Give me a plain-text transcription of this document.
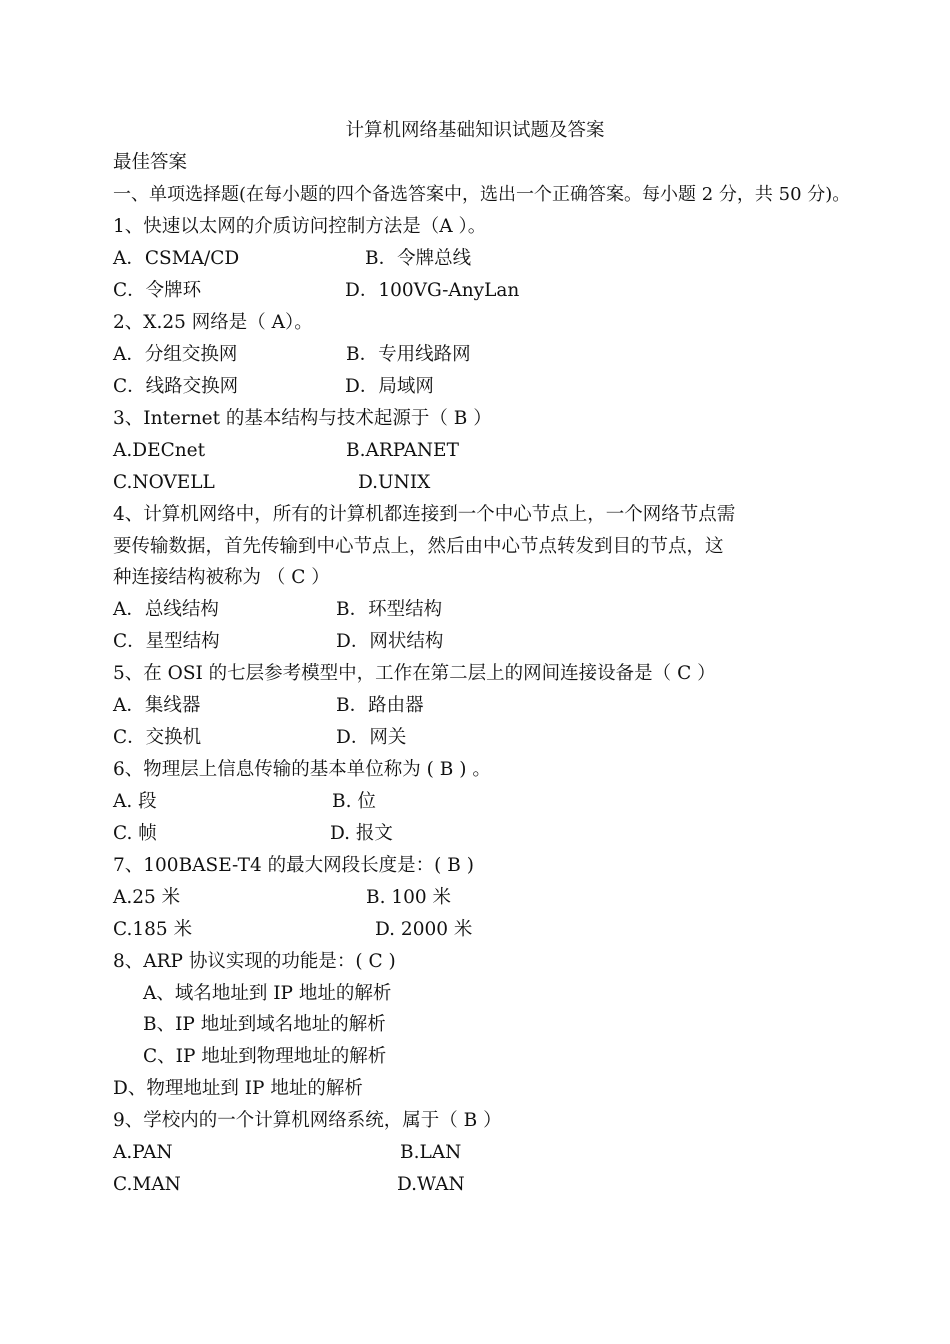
计算机网络基础知识试题及答案
最佳答案
一、单项选择题(在每小题的四个备选答案中，选出一个正确答案。每小题 2 分，共 50 分)。
1、快速以太网的介质访问控制方法是（A ）。
A．CSMA/CD	B．令牌总线
C．令牌环	D．100VG-AnyLan
2、X.25 网络是（ A）。
A．分组交换网	B．专用线路网
C．线路交换网	D．局域网
3、Internet 的基本结构与技术起源于（ B ）
A.DECnet	B.ARPANET
C.NOVELL	D.UNIX
4、计算机网络中，所有的计算机都连接到一个中心节点上，一个网络节点需
要传输数据，首先传输到中心节点上，然后由中心节点转发到目的节点，这
种连接结构被称为 （ C ）
A．总线结构	B．环型结构
C．星型结构	D．网状结构
5、在 OSI 的七层参考模型中，工作在第二层上的网间连接设备是（ C ）
A．集线器	B．路由器
C．交换机	D．网关
6、物理层上信息传输的基本单位称为 ( B ) 。
A. 段	B. 位
C. 帧	D. 报文
7、100BASE-T4 的最大网段长度是：( B )
A.25 米	B. 100 米
C.185 米	D. 2000 米
8、ARP 协议实现的功能是：( C )
A、域名地址到 IP 地址的解析
B、IP 地址到域名地址的解析
C、IP 地址到物理地址的解析
D、物理地址到 IP 地址的解析
9、学校内的一个计算机网络系统，属于（ B ）
A.PAN	B.LAN
C.MAN	D.WAN
